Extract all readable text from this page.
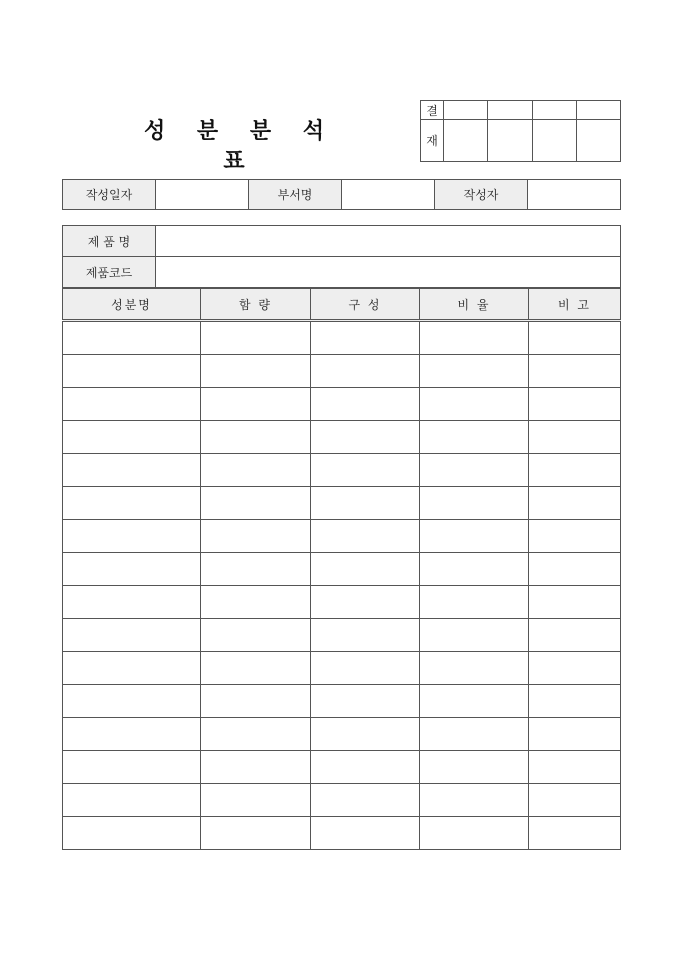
성 분 분 석 표
결				
재				
작성일자		부서명		작성자	
제 품 명	
제품코드	
성분명	함 량	구 성	비 율	비 고
